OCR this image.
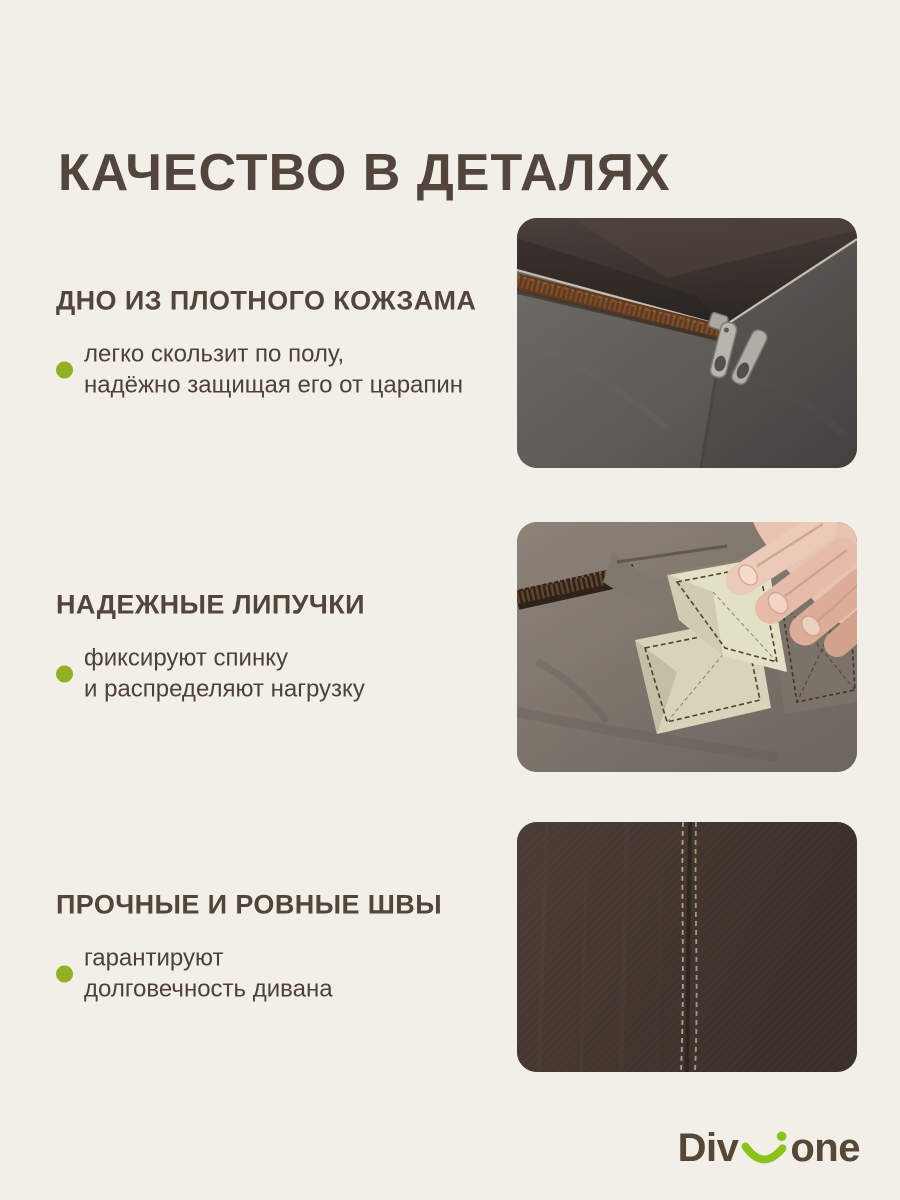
КАЧЕСТВО В ДЕТАЛЯХ
ДНО ИЗ ПЛОТНОГО КОЖЗАМА

легко скользит по полу,
надёжно защищая его от царапин

НАДЕЖНЫЕ ЛИПУЧКИ

фиксируют спинку
и распределяют нагрузку

ПРОЧНЫЕ И РОВНЫЕ ШВЫ

гарантируют
долговечность дивана

Div one
